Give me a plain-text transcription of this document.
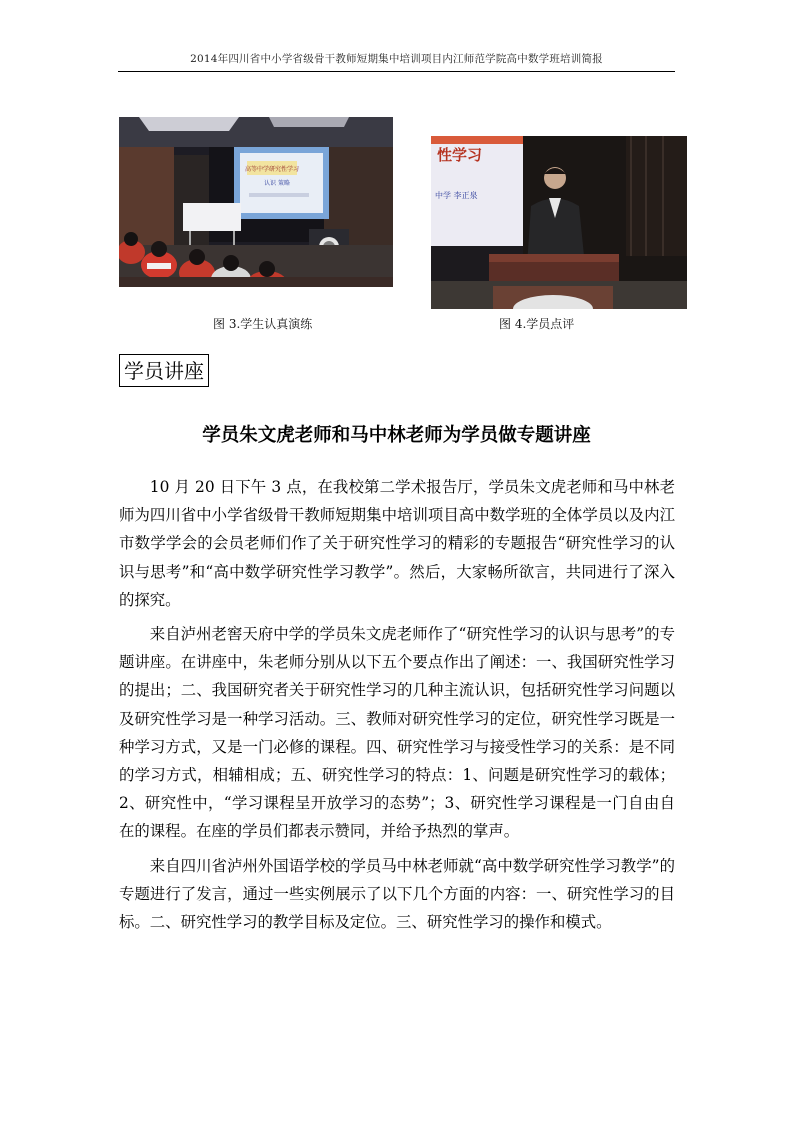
2014年四川省中小学省级骨干教师短期集中培训项目内江师范学院高中数学班培训简报
高等中学研究性学习
认识 策略
性学习
中学 李正泉
图 3.学生认真演练	图 4.学员点评
学员讲座
学员朱文虎老师和马中林老师为学员做专题讲座

10 月 20 日下午 3 点，在我校第二学术报告厅，学员朱文虎老师和马中林老师为四川省中小学省级骨干教师短期集中培训项目高中数学班的全体学员以及内江市数学学会的会员老师们作了关于研究性学习的精彩的专题报告“研究性学习的认识与思考”和“高中数学研究性学习教学”。然后，大家畅所欲言，共同进行了深入的探究。

来自泸州老窖天府中学的学员朱文虎老师作了“研究性学习的认识与思考”的专题讲座。在讲座中，朱老师分别从以下五个要点作出了阐述：一、我国研究性学习的提出；二、我国研究者关于研究性学习的几种主流认识，包括研究性学习问题以及研究性学习是一种学习活动。三、教师对研究性学习的定位，研究性学习既是一种学习方式，又是一门必修的课程。四、研究性学习与接受性学习的关系：是不同的学习方式，相辅相成；五、研究性学习的特点：1、问题是研究性学习的载体；2、研究性中，“学习课程呈开放学习的态势”；3、研究性学习课程是一门自由自在的课程。在座的学员们都表示赞同，并给予热烈的掌声。

来自四川省泸州外国语学校的学员马中林老师就“高中数学研究性学习教学”的专题进行了发言，通过一些实例展示了以下几个方面的内容：一、研究性学习的目标。二、研究性学习的教学目标及定位。三、研究性学习的操作和模式。
